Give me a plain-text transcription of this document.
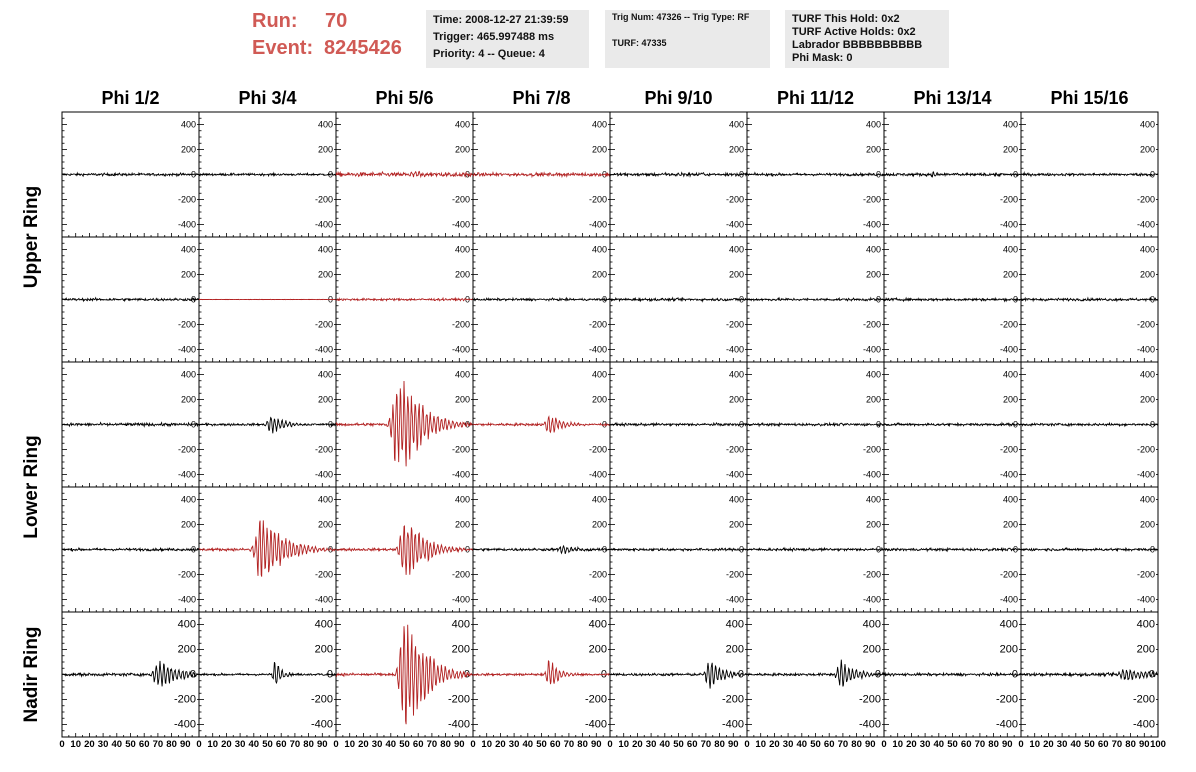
Run: 70
Event: 8245426
Time: 2008-12-27 21:39:59
Trigger: 465.997488 ms
Priority: 4 -- Queue: 4
Trig Num: 47326 -- Trig Type: RF
TURF: 47335
TURF This Hold: 0x2
TURF Active Holds: 0x2
Labrador BBBBBBBBBB
Phi Mask: 0
Phi 1/2	Phi 3/4	Phi 5/6	Phi 7/8	Phi 9/10	Phi 11/12	Phi 13/14	Phi 15/16
Upper Ring
Lower Ring
Nadir Ring
-400
-200
0
200
400
-400
-200
0
200
400
-400
-200
0
200
400
-400
-200
0
200
400
-400
-200
0
200
400
-400
-200
0
200
400
-400
-200
0
200
400
-400
-200
0
200
400
-400
-200
0
200
400
-400
-200
0
200
400
-400
-200
0
200
400
-400
-200
0
200
400
-400
-200
0
200
400
-400
-200
0
200
400
-400
-200
0
200
400
-400
-200
0
200
400
-400
-200
0
200
400
-400
-200
0
200
400
-400
-200
0
200
400
-400
-200
0
200
400
-400
-200
0
200
400
-400
-200
0
200
400
-400
-200
0
200
400
-400
-200
0
200
400
-400
-200
0
200
400
-400
-200
0
200
400
-400
-200
0
200
400
-400
-200
0
200
400
-400
-200
0
200
400
-400
-200
0
200
400
-400
-200
0
200
400
-400
-200
0
200
400
-400
-200
0
200
400
-400
-200
0
200
400
-400
-200
0
200
400
-400
-200
0
200
400
-400
-200
0
200
400
-400
-200
0
200
400
-400
-200
0
200
400
-400
-200
0
200
400
0 10 20 30 40 50 60 70 80 90 0 10 20 30 40 50 60 70 80 90 0 10 20 30 40 50 60 70 80 90 0 10 20 30 40 50 60 70 80 90 0 10 20 30 40 50 60 70 80 90 0 10 20 30 40 50 60 70 80 90 0 10 20 30 40 50 60 70 80 90 0 10 20 30 40 50 60 70 80 90 100
